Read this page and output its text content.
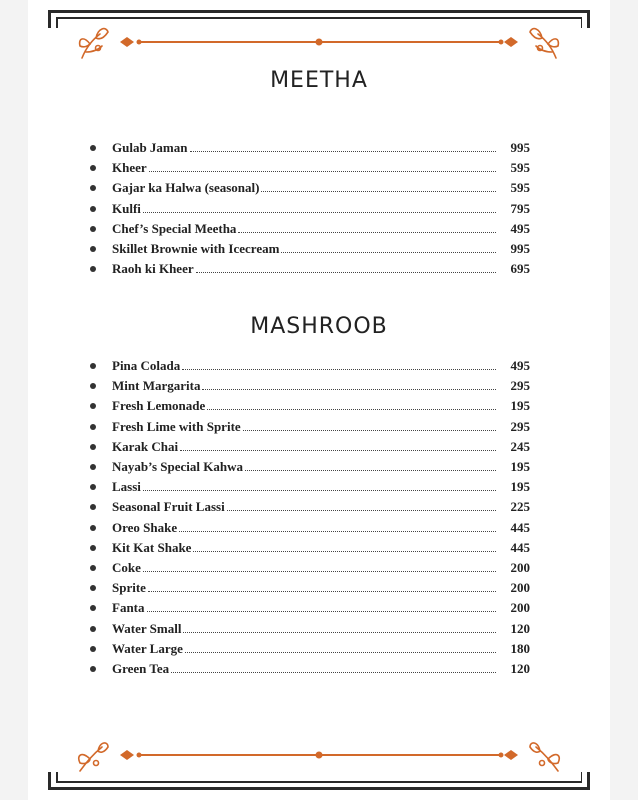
MEETHA
Gulab Jaman	995
Kheer	595
Gajar ka Halwa (seasonal)	595
Kulfi	795
Chef’s Special Meetha	495
Skillet Brownie with Icecream	995
Raoh ki Kheer	695
MASHROOB
Pina Colada	495
Mint Margarita	295
Fresh Lemonade	195
Fresh Lime with Sprite	295
Karak Chai	245
Nayab’s Special Kahwa	195
Lassi	195
Seasonal Fruit Lassi	225
Oreo Shake	445
Kit Kat Shake	445
Coke	200
Sprite	200
Fanta	200
Water Small	120
Water Large	180
Green Tea	120
